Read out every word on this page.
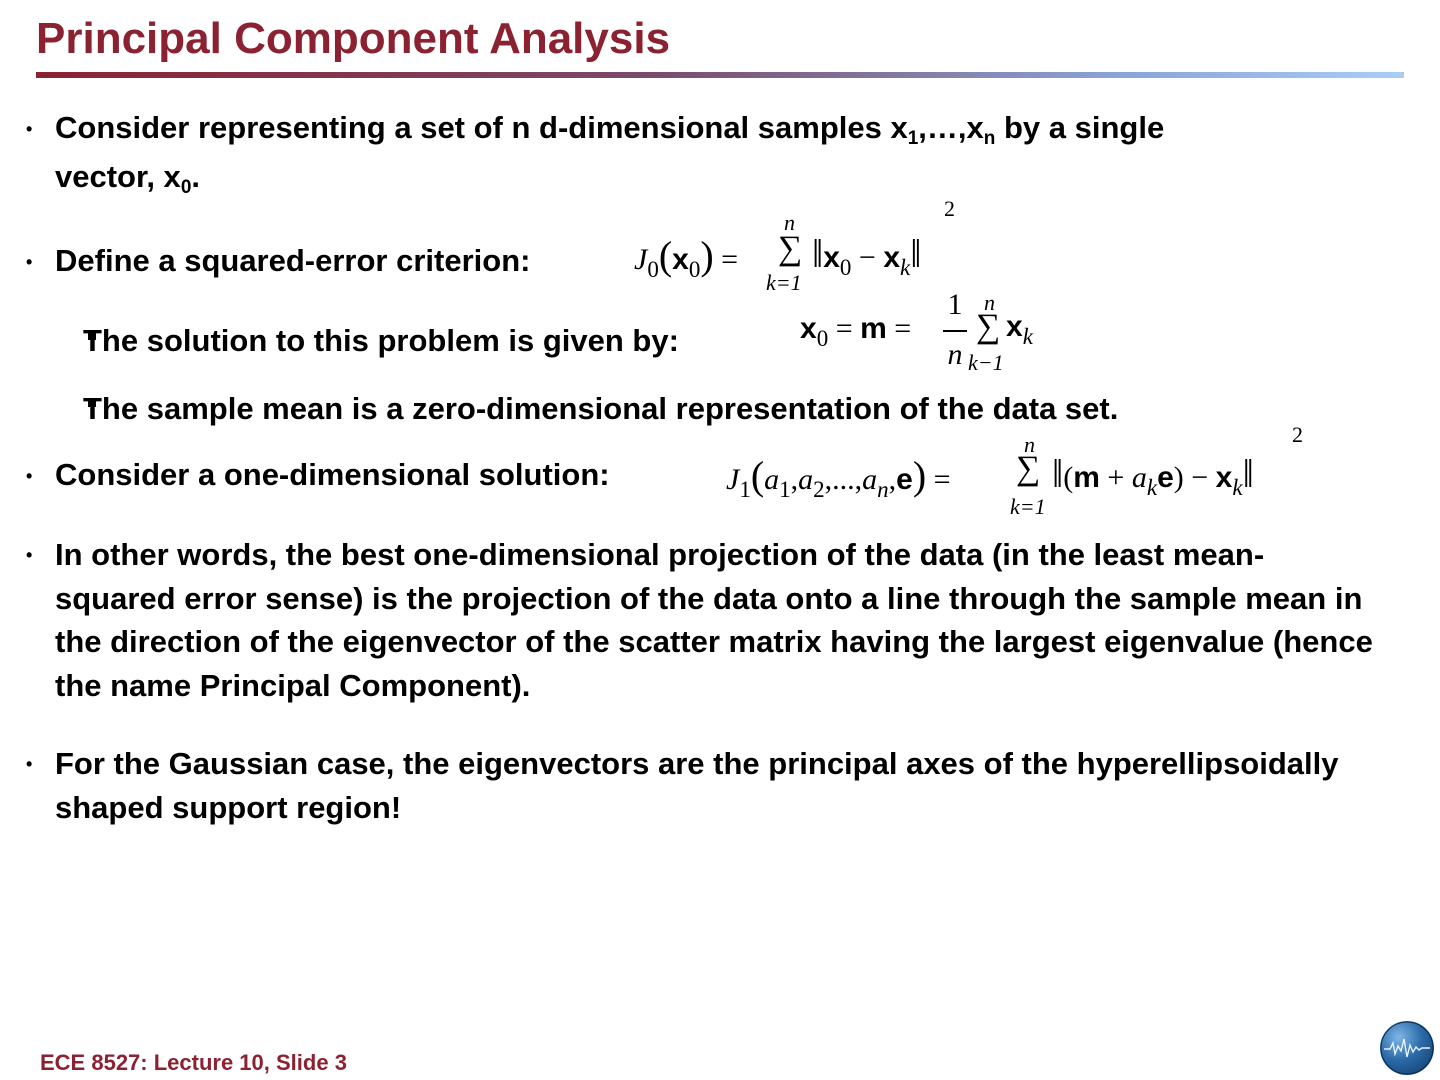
Principal Component Analysis
• Consider representing a set of n d-dimensional samples $x_1,\dots,x_n$ by a single
vector, $x_0$.
• Define a squared-error criterion:	$J_0(x_0)$ =
n
∑
k=1
$‖x_0$ − $x_k‖$
2
The solution to this problem is given by:	$x_0 = m$ =
1
n
n
∑
k−1
$x_k$
The sample mean is a zero-dimensional representation of the data set.
• Consider a one-dimensional solution:	$J_1(a_1,a_2,...,a_n,e)$ =
n
∑
k=1
‖(m + $a_ke$) − $x_k‖$
2
• In other words, the best one-dimensional projection of the data (in the least mean-squared error sense) is the projection of the data onto a line through the sample mean in the direction of the eigenvector of the scatter matrix having the largest eigenvalue (hence the name Principal Component).
• For the Gaussian case, the eigenvectors are the principal axes of the hyperellipsoidally shaped support region!
ECE 8527: Lecture 10, Slide 3
